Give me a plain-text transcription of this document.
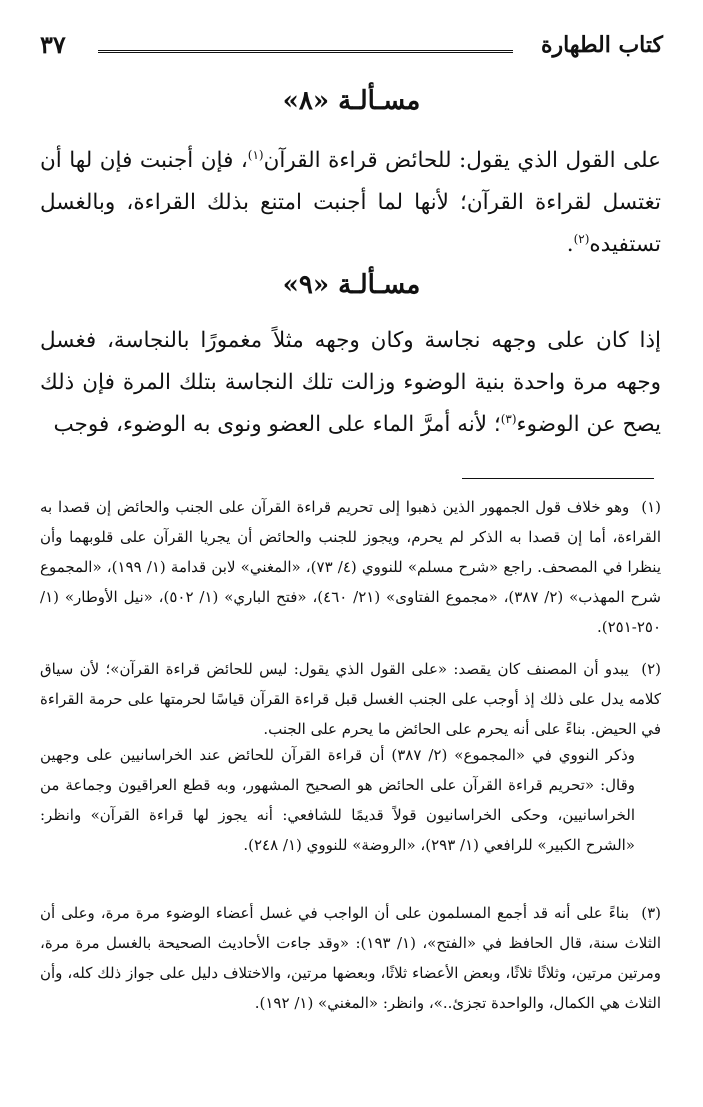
كتاب الطهارة
٣٧
مسـألـة «٨»

على القول الذي يقول: للحائض قراءة القرآن$^{(١)}$، فإن أجنبت فإن لها أن تغتسل لقراءة القرآن؛ لأنها لما أجنبت امتنع بذلك القراءة، وبالغسل تستفيده$^{(٢)}$.

مسـألـة «٩»

إذا كان على وجهه نجاسة وكان وجهه مثلاً مغمورًا بالنجاسة، فغسل وجهه مرة واحدة بنية الوضوء وزالت تلك النجاسة بتلك المرة فإن ذلك يصح عن الوضوء$^{(٣)}$؛ لأنه أمرَّ الماء على العضو ونوى به الوضوء، فوجب

(١) وهو خلاف قول الجمهور الذين ذهبوا إلى تحريم قراءة القرآن على الجنب والحائض إن قصدا به القراءة، أما إن قصدا به الذكر لم يحرم، ويجوز للجنب والحائض أن يجريا القرآن على قلوبهما وأن ينظرا في المصحف. راجع «شرح مسلم» للنووي (٤/ ٧٣)، «المغني» لابن قدامة (١/ ١٩٩)، «المجموع شرح المهذب» (٢/ ٣٨٧)، «مجموع الفتاوى» (٢١/ ٤٦٠)، «فتح الباري» (١/ ٥٠٢)، «نيل الأوطار» (١/ ٢٥٠-٢٥١).

(٢) يبدو أن المصنف كان يقصد: «على القول الذي يقول: ليس للحائض قراءة القرآن»؛ لأن سياق كلامه يدل على ذلك إذ أوجب على الجنب الغسل قبل قراءة القرآن قياسًا لحرمتها على حرمة القراءة في الحيض. بناءً على أنه يحرم على الحائض ما يحرم على الجنب.

وذكر النووي في «المجموع» (٢/ ٣٨٧) أن قراءة القرآن للحائض عند الخراسانيين على وجهين وقال: «تحريم قراءة القرآن على الحائض هو الصحيح المشهور، وبه قطع العراقيون وجماعة من الخراسانيين، وحكى الخراسانيون قولاً قديمًا للشافعي: أنه يجوز لها قراءة القرآن» وانظر: «الشرح الكبير» للرافعي (١/ ٢٩٣)، «الروضة» للنووي (١/ ٢٤٨).

(٣) بناءً على أنه قد أجمع المسلمون على أن الواجب في غسل أعضاء الوضوء مرة مرة، وعلى أن الثلاث سنة، قال الحافظ في «الفتح»، (١/ ١٩٣): «وقد جاءت الأحاديث الصحيحة بالغسل مرة مرة، ومرتين مرتين، وثلاثًا ثلاثًا، وبعض الأعضاء ثلاثًا، وبعضها مرتين، والاختلاف دليل على جواز ذلك كله، وأن الثلاث هي الكمال، والواحدة تجزئ..»، وانظر: «المغني» (١/ ١٩٢).
